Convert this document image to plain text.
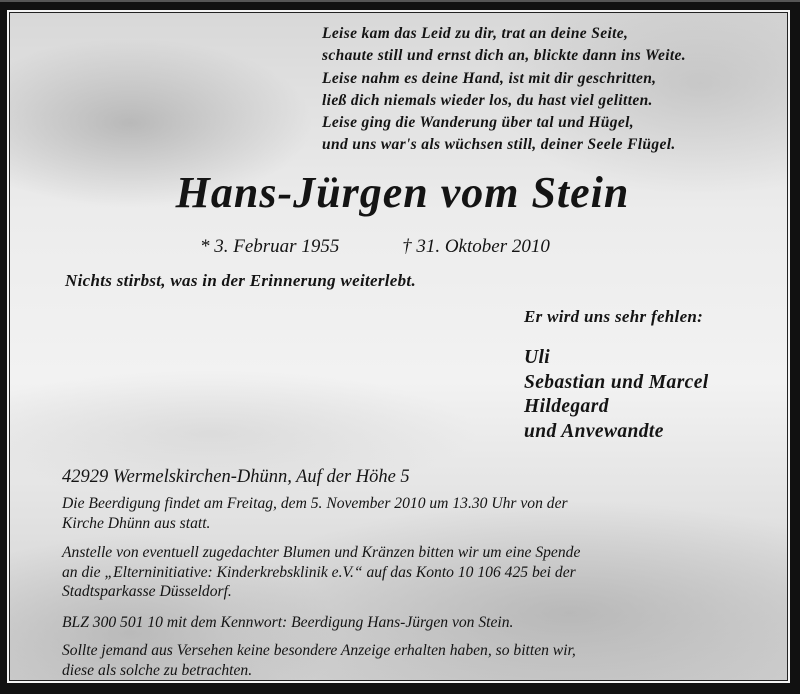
Leise kam das Leid zu dir, trat an deine Seite,
schaute still und ernst dich an, blickte dann ins Weite.
Leise nahm es deine Hand, ist mit dir geschritten,
ließ dich niemals wieder los, du hast viel gelitten.
Leise ging die Wanderung über tal und Hügel,
und uns war's als wüchsen still, deiner Seele Flügel.
Hans-Jürgen vom Stein
* 3. Februar 1955	† 31. Oktober 2010
Nichts stirbst, was in der Erinnerung weiterlebt.
Er wird uns sehr fehlen:
Uli
Sebastian und Marcel
Hildegard
und Anvewandte
42929 Wermelskirchen-Dhünn, Auf der Höhe 5
Die Beerdigung findet am Freitag, dem 5. November 2010 um 13.30 Uhr von der
Kirche Dhünn aus statt.
Anstelle von eventuell zugedachter Blumen und Kränzen bitten wir um eine Spende
an die „Elterninitiative: Kinderkrebsklinik e.V.“ auf das Konto 10 106 425 bei der
Stadtsparkasse Düsseldorf.
BLZ 300 501 10 mit dem Kennwort: Beerdigung Hans-Jürgen von Stein.
Sollte jemand aus Versehen keine besondere Anzeige erhalten haben, so bitten wir,
diese als solche zu betrachten.
